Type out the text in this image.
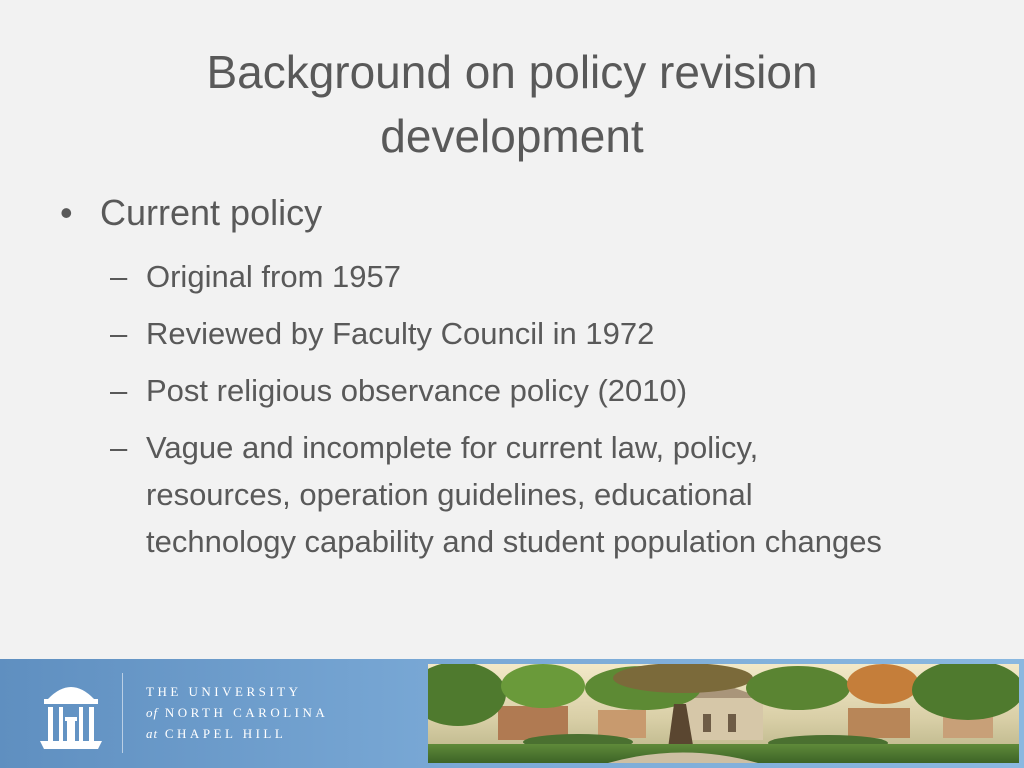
Background on policy revision
development
• Current policy
– Original from 1957
– Reviewed by Faculty Council in 1972
– Post religious observance policy (2010)
– Vague and incomplete for current law, policy, resources, operation guidelines, educational technology capability and student population changes
THE UNIVERSITY
of NORTH CAROLINA
at CHAPEL HILL
